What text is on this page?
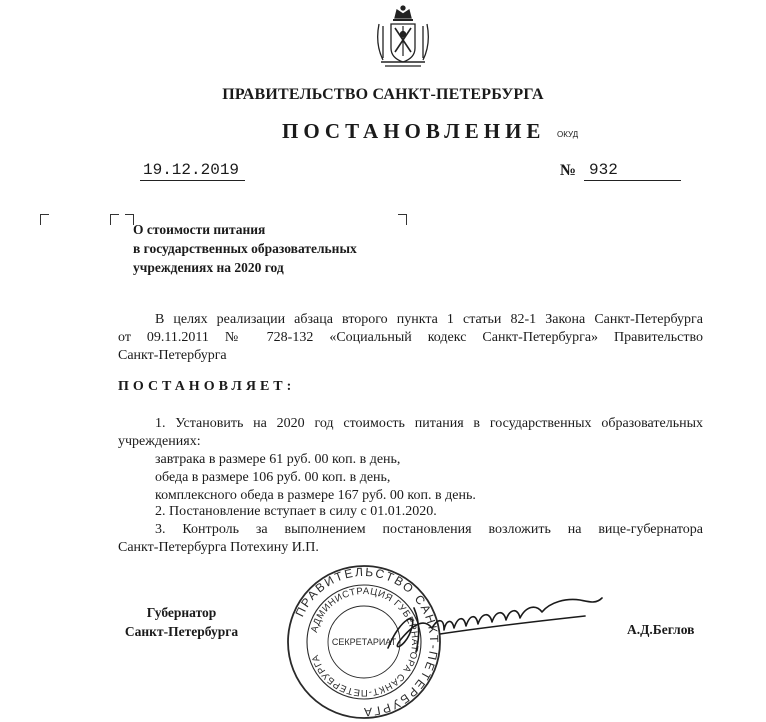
ПРАВИТЕЛЬСТВО САНКТ-ПЕТЕРБУРГА
ПОСТАНОВЛЕНИЕ ОКУД
19.12.2019	№ 932
О стоимости питания
в государственных образовательных
учреждениях на 2020 год
В целях реализации абзаца второго пункта 1 статьи 82-1 Закона Санкт-Петербурга
от 09.11.2011 № 728-132 «Социальный кодекс Санкт-Петербурга» Правительство
Санкт-Петербурга
ПОСТАНОВЛЯЕТ:
1. Установить на 2020 год стоимость питания в государственных образовательных
учреждениях:
завтрака в размере 61 руб. 00 коп. в день,
обеда в размере 106 руб. 00 коп. в день,
комплексного обеда в размере 167 руб. 00 коп. в день.
2. Постановление вступает в силу с 01.01.2020.
3. Контроль за выполнением постановления возложить на вице-губернатора
Санкт-Петербурга Потехину И.П.
ПРАВИТЕЛЬСТВО САНКТ-ПЕТЕРБУРГА
АДМИНИСТРАЦИЯ ГУБЕРНАТОРА САНКТ-ПЕТЕРБУРГА
СЕКРЕТАРИАТ
Губернатор
Санкт-Петербурга	А.Д.Беглов
